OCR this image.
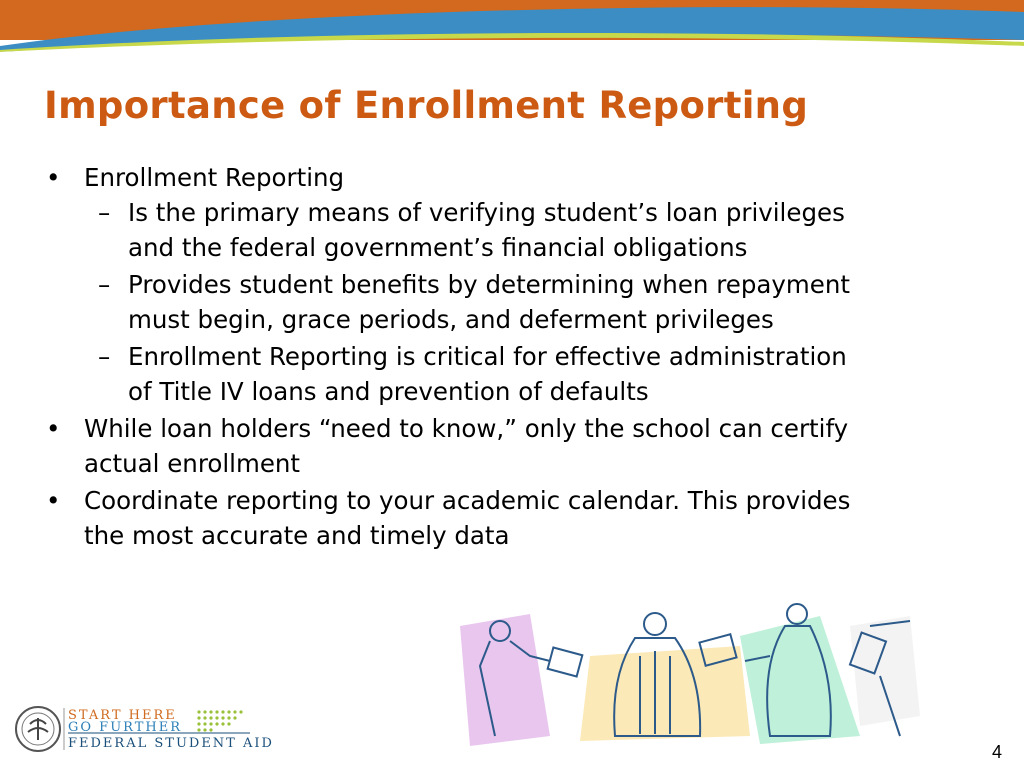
Importance of Enrollment Reporting
• Enrollment Reporting
– Is the primary means of verifying student’s loan privileges
and the federal government’s financial obligations
– Provides student benefits by determining when repayment
must begin, grace periods, and deferment privileges
– Enrollment Reporting is critical for effective administration
of Title IV loans and prevention of defaults
• While loan holders “need to know,” only the school can certify
actual enrollment
• Coordinate reporting to your academic calendar. This provides
the most accurate and timely data
START HERE
GO FURTHER
FEDERAL STUDENT AID	4
